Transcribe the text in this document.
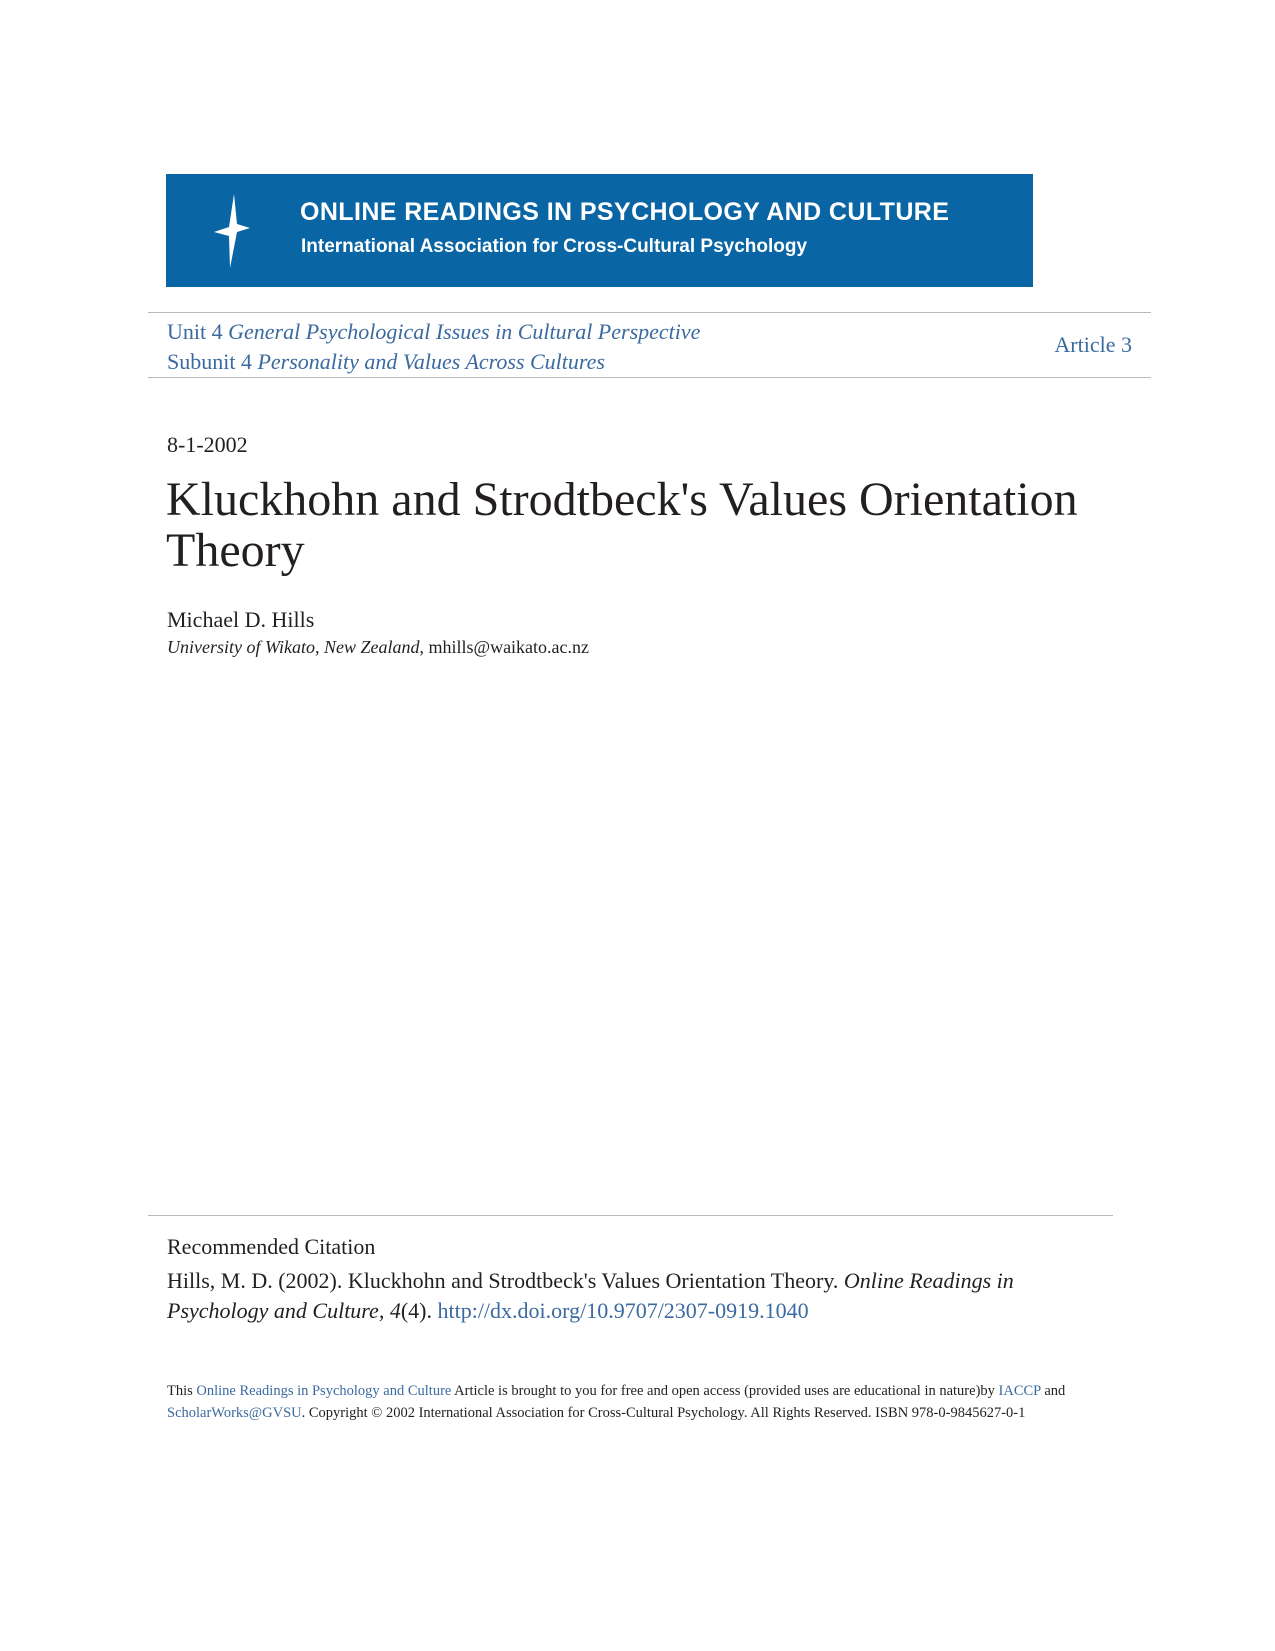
ONLINE READINGS IN PSYCHOLOGY AND CULTURE

International Association for Cross-Cultural Psychology

Unit 4 General Psychological Issues in Cultural Perspective
Subunit 4 Personality and Values Across Cultures
Article 3

8-1-2002

Kluckhohn and Strodtbeck's Values Orientation Theory

Michael D. Hills

University of Wikato, New Zealand, mhills@waikato.ac.nz

Recommended Citation

Hills, M. D. (2002). Kluckhohn and Strodtbeck's Values Orientation Theory. Online Readings in Psychology and Culture, 4(4). http://dx.doi.org/10.9707/2307-0919.1040

This Online Readings in Psychology and Culture Article is brought to you for free and open access (provided uses are educational in nature)by IACCP and ScholarWorks@GVSU. Copyright © 2002 International Association for Cross-Cultural Psychology. All Rights Reserved. ISBN 978-0-9845627-0-1
